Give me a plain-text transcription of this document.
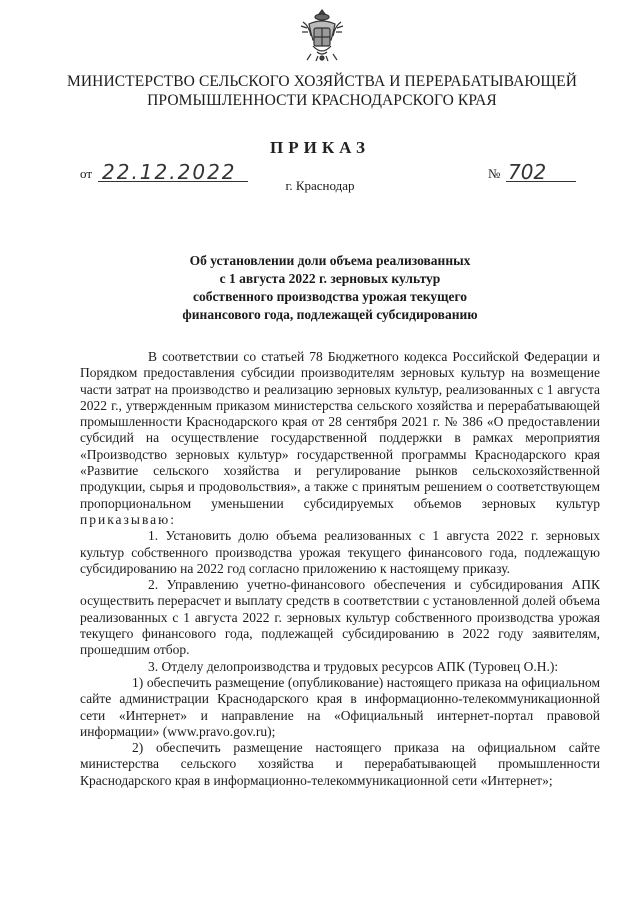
МИНИСТЕРСТВО СЕЛЬСКОГО ХОЗЯЙСТВА И ПЕРЕРАБАТЫВАЮЩЕЙ
ПРОМЫШЛЕННОСТИ КРАСНОДАРСКОГО КРАЯ
ПРИКАЗ
от 22.12.2022	№ 702
г. Краснодар
Об установлении доли объема реализованных
с 1 августа 2022 г. зерновых культур
собственного производства урожая текущего
финансового года, подлежащей субсидированию

В соответствии со статьей 78 Бюджетного кодекса Российской Федерации и Порядком предоставления субсидии производителям зерновых культур на возмещение части затрат на производство и реализацию зерновых культур, реализованных с 1 августа 2022 г., утвержденным приказом министерства сельского хозяйства и перерабатывающей промышленности Краснодарского края от 28 сентября 2021 г. № 386 «О предоставлении субсидий на осуществление государственной поддержки в рамках мероприятия «Производство зерновых культур» государственной программы Краснодарского края «Развитие сельского хозяйства и регулирование рынков сельскохозяйственной продукции, сырья и продовольствия», а также с принятым решением о соответствующем пропорциональном уменьшении субсидируемых объемов зерновых культур приказываю:

1. Установить долю объема реализованных с 1 августа 2022 г. зерновых культур собственного производства урожая текущего финансового года, подлежащую субсидированию на 2022 год согласно приложению к настоящему приказу.

2. Управлению учетно-финансового обеспечения и субсидирования АПК осуществить перерасчет и выплату средств в соответствии с установленной долей объема реализованных с 1 августа 2022 г. зерновых культур собственного производства урожая текущего финансового года, подлежащей субсидированию в 2022 году заявителям, прошедшим отбор.

3. Отделу делопроизводства и трудовых ресурсов АПК (Туровец О.Н.):

1) обеспечить размещение (опубликование) настоящего приказа на официальном сайте администрации Краснодарского края в информационно-телекоммуникационной сети «Интернет» и направление на «Официальный интернет-портал правовой информации» (www.pravo.gov.ru);

2) обеспечить размещение настоящего приказа на официальном сайте министерства сельского хозяйства и перерабатывающей промышленности Краснодарского края в информационно-телекоммуникационной сети «Интернет»;
